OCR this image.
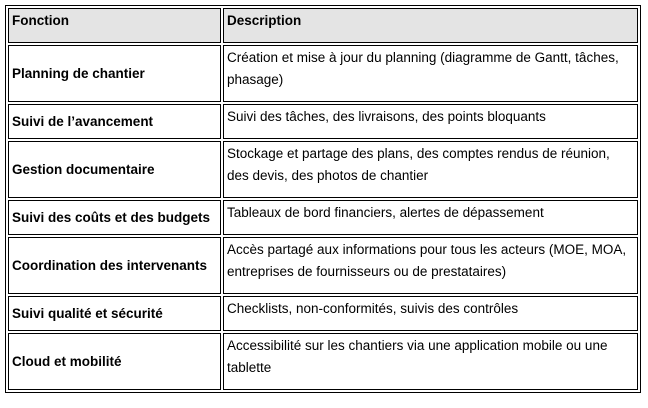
Fonction	Description
Planning de chantier	Création et mise à jour du planning (diagramme de Gantt, tâches, phasage)
Suivi de l’avancement	Suivi des tâches, des livraisons, des points bloquants
Gestion documentaire	Stockage et partage des plans, des comptes rendus de réunion, des devis, des photos de chantier
Suivi des coûts et des budgets	Tableaux de bord financiers, alertes de dépassement
Coordination des intervenants	Accès partagé aux informations pour tous les acteurs (MOE, MOA, entreprises de fournisseurs ou de prestataires)
Suivi qualité et sécurité	Checklists, non-conformités, suivis des contrôles
Cloud et mobilité	Accessibilité sur les chantiers via une application mobile ou une tablette
